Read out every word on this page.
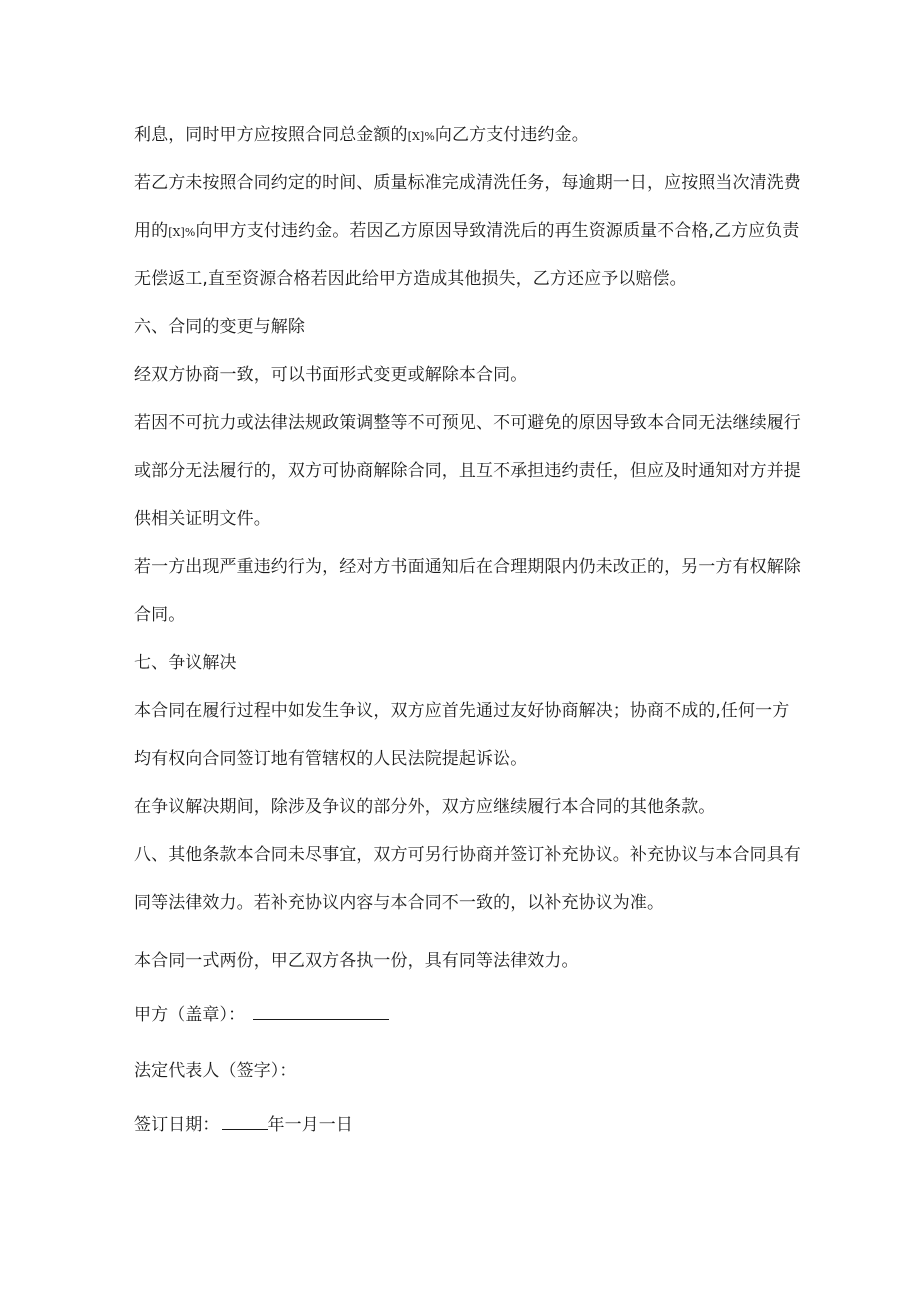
利息，同时甲方应按照合同总金额的[X]%向乙方支付违约金。
若乙方未按照合同约定的时间、质量标准完成清洗任务，每逾期一日，应按照当次清洗费
用的[X]%向甲方支付违约金。若因乙方原因导致清洗后的再生资源质量不合格,乙方应负责
无偿返工,直至资源合格若因此给甲方造成其他损失，乙方还应予以赔偿。
六、合同的变更与解除
经双方协商一致，可以书面形式变更或解除本合同。
若因不可抗力或法律法规政策调整等不可预见、不可避免的原因导致本合同无法继续履行
或部分无法履行的，双方可协商解除合同，且互不承担违约责任，但应及时通知对方并提
供相关证明文件。
若一方出现严重违约行为，经对方书面通知后在合理期限内仍未改正的，另一方有权解除
合同。
七、争议解决
本合同在履行过程中如发生争议，双方应首先通过友好协商解决；协商不成的,任何一方
均有权向合同签订地有管辖权的人民法院提起诉讼。
在争议解决期间，除涉及争议的部分外，双方应继续履行本合同的其他条款。
八、其他条款本合同未尽事宜，双方可另行协商并签订补充协议。补充协议与本合同具有
同等法律效力。若补充协议内容与本合同不一致的，以补充协议为准。
本合同一式两份，甲乙双方各执一份，具有同等法律效力。
甲方（盖章）：
法定代表人（签字）：
签订日期：	年一月一日
